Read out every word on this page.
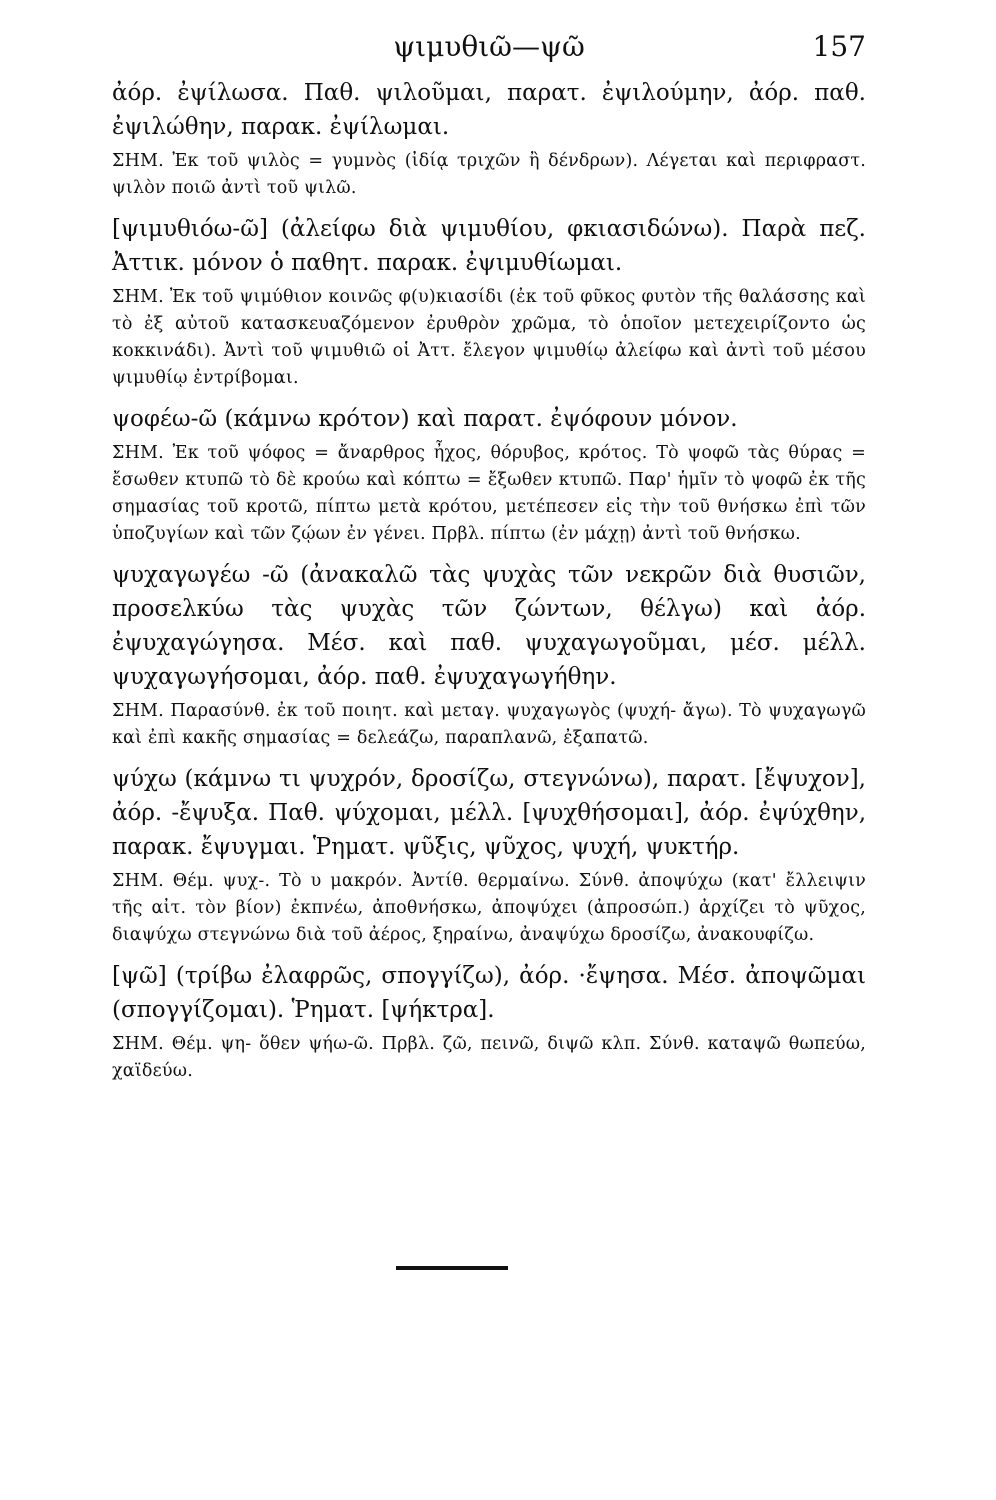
ψιμυθιῶ—ψῶ	157

ἀόρ. ἐψίλωσα. Παθ. ψιλοῦμαι, παρατ. ἐψιλούμην, ἀόρ. παθ. ἐψιλώθην, παρακ. ἐψίλωμαι.

ΣΗΜ. Ἐκ τοῦ ψιλὸς = γυμνὸς (ἰδίᾳ τριχῶν ἢ δένδρων). Λέγεται καὶ περιφραστ. ψιλὸν ποιῶ ἀντὶ τοῦ ψιλῶ.

[ψιμυθιόω-ῶ] (ἀλείφω διὰ ψιμυθίου, φκιασιδώνω). Παρὰ πεζ. Ἀττικ. μόνον ὁ παθητ. παρακ. ἐψιμυθίωμαι.

ΣΗΜ. Ἐκ τοῦ ψιμύθιον κοινῶς φ(υ)κιασίδι (ἐκ τοῦ φῦκος φυτὸν τῆς θαλάσσης καὶ τὸ ἐξ αὐτοῦ κατασκευαζόμενον ἐρυθρὸν χρῶμα, τὸ ὁποῖον μετεχειρίζοντο ὡς κοκκινάδι). Ἀντὶ τοῦ ψιμυθιῶ οἱ Ἀττ. ἔλεγον ψιμυθίῳ ἀλείφω καὶ ἀντὶ τοῦ μέσου ψιμυθίῳ ἐντρίβομαι.

ψοφέω-ῶ (κάμνω κρότον) καὶ παρατ. ἐψόφουν μόνον.

ΣΗΜ. Ἐκ τοῦ ψόφος = ἄναρθρος ἦχος, θόρυβος, κρότος. Τὸ ψοφῶ τὰς θύρας = ἔσωθεν κτυπῶ τὸ δὲ κρούω καὶ κόπτω = ἔξωθεν κτυπῶ. Παρ' ἡμῖν τὸ ψοφῶ ἐκ τῆς σημασίας τοῦ κροτῶ, πίπτω μετὰ κρότου, μετέπεσεν εἰς τὴν τοῦ θνήσκω ἐπὶ τῶν ὑποζυγίων καὶ τῶν ζῴων ἐν γένει. Πρβλ. πίπτω (ἐν μάχῃ) ἀντὶ τοῦ θνήσκω.

ψυχαγωγέω -ῶ (ἀνακαλῶ τὰς ψυχὰς τῶν νεκρῶν διὰ θυσιῶν, προσελκύω τὰς ψυχὰς τῶν ζώντων, θέλγω) καὶ ἀόρ. ἐψυχαγώγησα. Μέσ. καὶ παθ. ψυχαγωγοῦμαι, μέσ. μέλλ. ψυχαγωγήσομαι, ἀόρ. παθ. ἐψυχαγωγήθην.

ΣΗΜ. Παρασύνθ. ἐκ τοῦ ποιητ. καὶ μεταγ. ψυχαγωγὸς (ψυχή- ἄγω). Τὸ ψυχαγωγῶ καὶ ἐπὶ κακῆς σημασίας = δελεάζω, παραπλανῶ, ἐξαπατῶ.

ψύχω (κάμνω τι ψυχρόν, δροσίζω, στεγνώνω), παρατ. [ἔψυχον], ἀόρ. -ἔψυξα. Παθ. ψύχομαι, μέλλ. [ψυχθήσομαι], ἀόρ. ἐψύχθην, παρακ. ἔψυγμαι. Ῥηματ. ψῦξις, ψῦχος, ψυχή, ψυκτήρ.

ΣΗΜ. Θέμ. ψυχ-. Τὸ υ μακρόν. Ἀντίθ. θερμαίνω. Σύνθ. ἀποψύχω (κατ' ἔλλειψιν τῆς αἰτ. τὸν βίον) ἐκπνέω, ἀποθνήσκω, ἀποψύχει (ἀπροσώπ.) ἀρχίζει τὸ ψῦχος, διαψύχω στεγνώνω διὰ τοῦ ἀέρος, ξηραίνω, ἀναψύχω δροσίζω, ἀνακουφίζω.

[ψῶ] (τρίβω ἐλαφρῶς, σπογγίζω), ἀόρ. ·ἔψησα. Μέσ. ἀποψῶμαι (σπογγίζομαι). Ῥηματ. [ψήκτρα].

ΣΗΜ. Θέμ. ψη- ὅθεν ψήω-ῶ. Πρβλ. ζῶ, πεινῶ, διψῶ κλπ. Σύνθ. καταψῶ θωπεύω, χαϊδεύω.
